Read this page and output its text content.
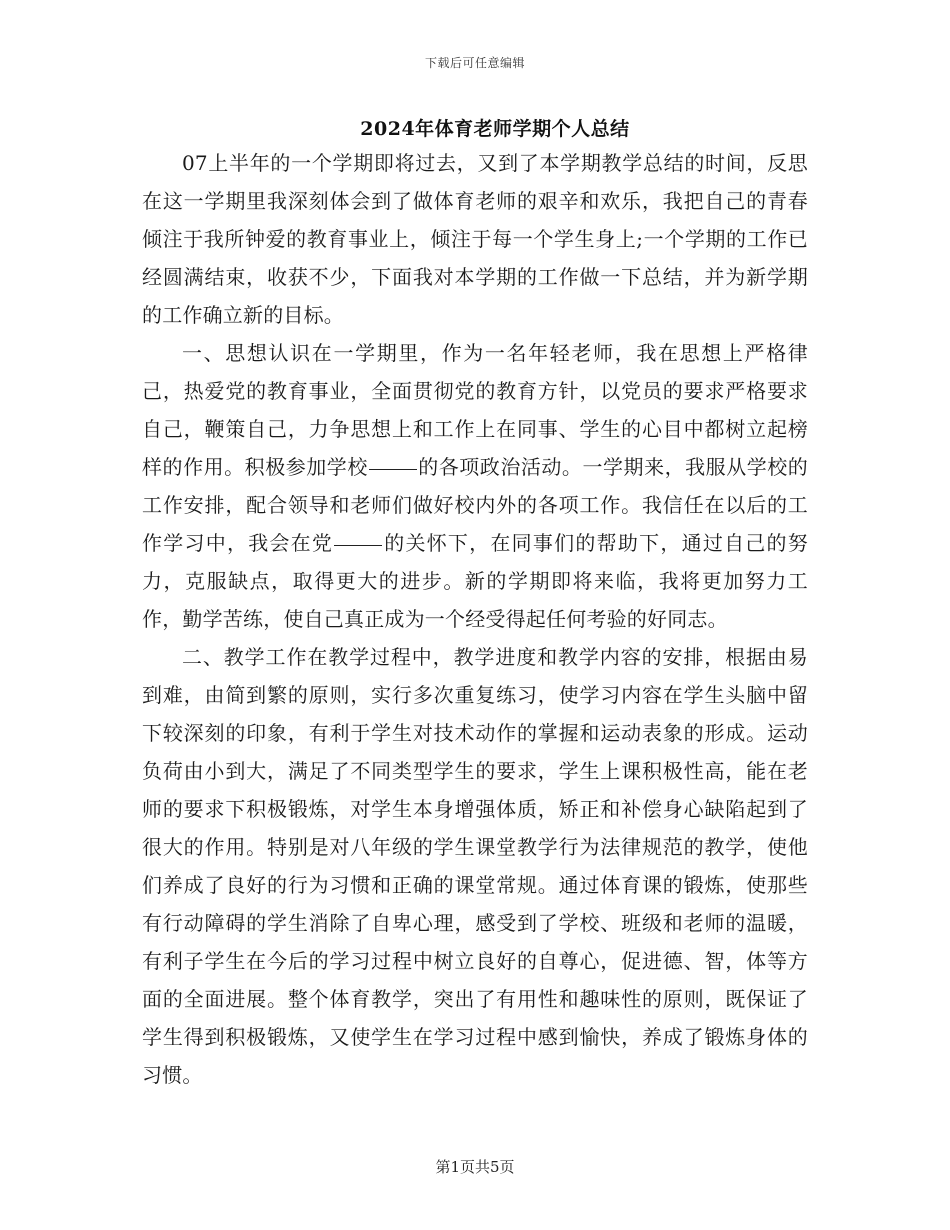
下载后可任意编辑
2024年体育老师学期个人总结

07上半年的一个学期即将过去，又到了本学期教学总结的时间，反思在这一学期里我深刻体会到了做体育老师的艰辛和欢乐，我把自己的青春倾注于我所钟爱的教育事业上，倾注于每一个学生身上;一个学期的工作已经圆满结束，收获不少，下面我对本学期的工作做一下总结，并为新学期的工作确立新的目标。

一、思想认识在一学期里，作为一名年轻老师，我在思想上严格律己，热爱党的教育事业，全面贯彻党的教育方针，以党员的要求严格要求自己，鞭策自己，力争思想上和工作上在同事、学生的心目中都树立起榜样的作用。积极参加学校	的各项政治活动。一学期来，我服从学校的工作安排，配合领导和老师们做好校内外的各项工作。我信任在以后的工作学习中，我会在党	的关怀下，在同事们的帮助下，通过自己的努力，克服缺点，取得更大的进步。新的学期即将来临，我将更加努力工作，勤学苦练，使自己真正成为一个经受得起任何考验的好同志。

二、教学工作在教学过程中，教学进度和教学内容的安排，根据由易到难，由简到繁的原则，实行多次重复练习，使学习内容在学生头脑中留下较深刻的印象，有利于学生对技术动作的掌握和运动表象的形成。运动负荷由小到大，满足了不同类型学生的要求，学生上课积极性高，能在老师的要求下积极锻炼，对学生本身增强体质，矫正和补偿身心缺陷起到了很大的作用。特别是对八年级的学生课堂教学行为法律规范的教学，使他们养成了良好的行为习惯和正确的课堂常规。通过体育课的锻炼，使那些有行动障碍的学生消除了自卑心理，感受到了学校、班级和老师的温暖，有利子学生在今后的学习过程中树立良好的自尊心，促进德、智，体等方面的全面进展。整个体育教学，突出了有用性和趣味性的原则，既保证了学生得到积极锻炼，又使学生在学习过程中感到愉快，养成了锻炼身体的习惯。

第1页共5页
